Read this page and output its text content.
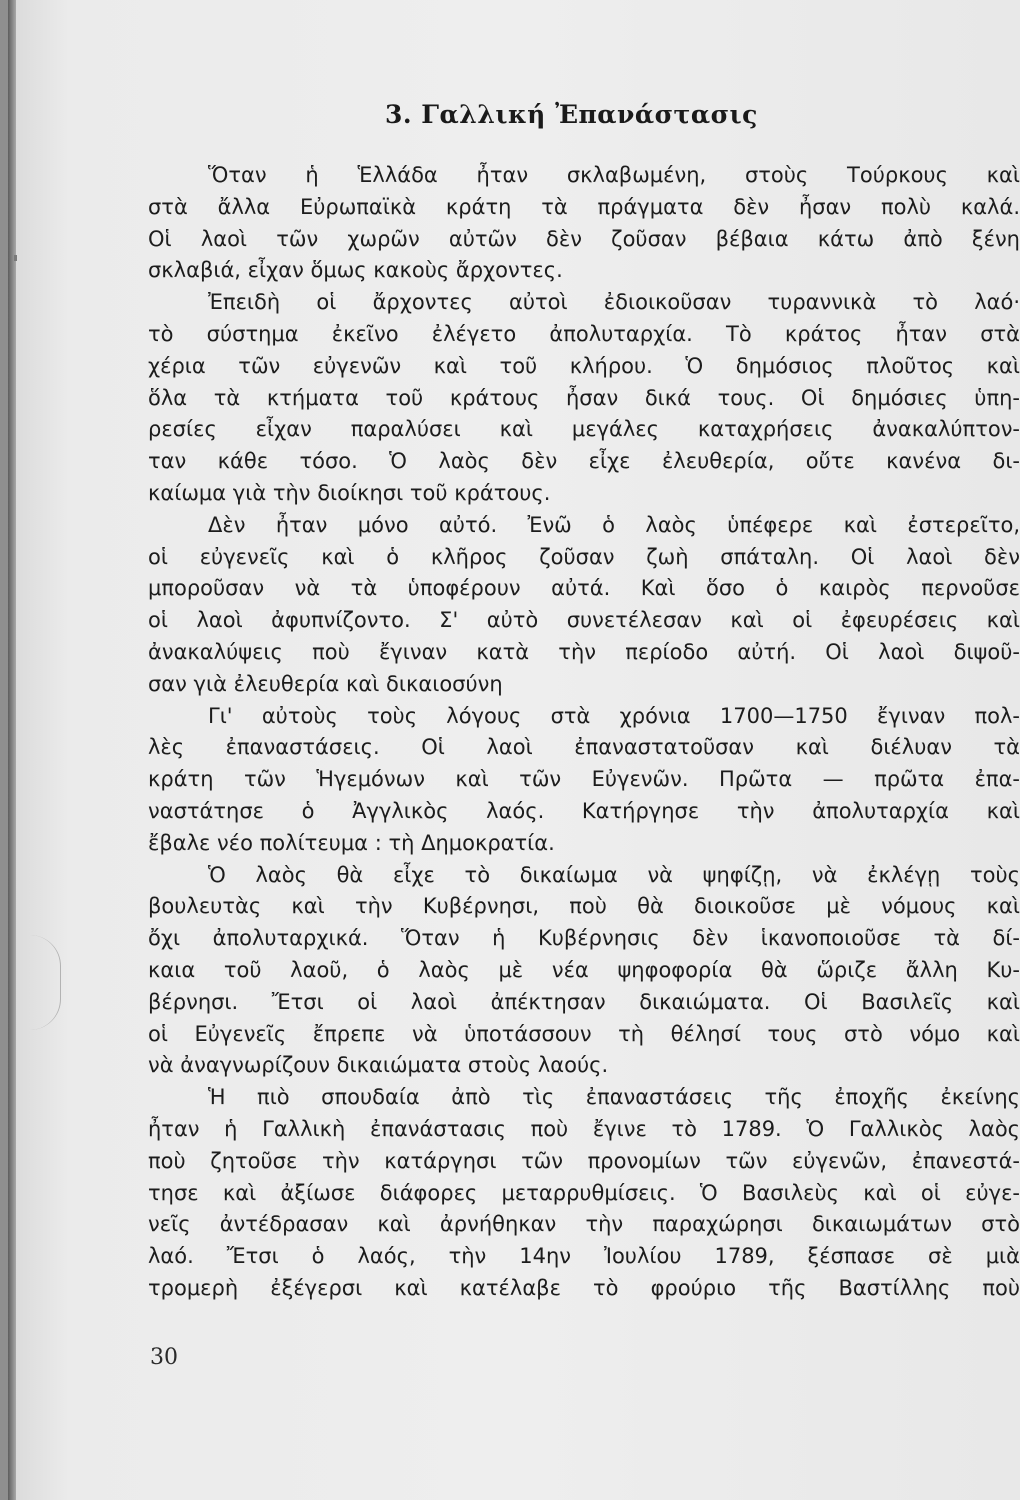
3. Γαλλική Ἐπανάστασις
Ὅταν ἡ Ἑλλάδα ἦταν σκλαβωμένη, στοὺς Τούρκους καὶ
στὰ ἄλλα Εὐρωπαϊκὰ κράτη τὰ πράγματα δὲν ἦσαν πολὺ καλά.
Οἱ λαοὶ τῶν χωρῶν αὐτῶν δὲν ζοῦσαν βέβαια κάτω ἀπὸ ξένη
σκλαβιά, εἶχαν ὅμως κακοὺς ἄρχοντες.
Ἐπειδὴ οἱ ἄρχοντες αὐτοὶ ἐδιοικοῦσαν τυραννικὰ τὸ λαό·
τὸ σύστημα ἐκεῖνο ἐλέγετο ἀπολυταρχία. Τὸ κράτος ἦταν στὰ
χέρια τῶν εὐγενῶν καὶ τοῦ κλήρου. Ὁ δημόσιος πλοῦτος καὶ
ὅλα τὰ κτήματα τοῦ κράτους ἦσαν δικά τους. Οἱ δημόσιες ὑπη-
ρεσίες εἶχαν παραλύσει καὶ μεγάλες καταχρήσεις ἀνακαλύπτον-
ταν κάθε τόσο. Ὁ λαὸς δὲν εἶχε ἐλευθερία, οὔτε κανένα δι-
καίωμα γιὰ τὴν διοίκησι τοῦ κράτους.
Δὲν ἦταν μόνο αὐτό. Ἐνῶ ὁ λαὸς ὑπέφερε καὶ ἐστερεῖτο,
οἱ εὐγενεῖς καὶ ὁ κλῆρος ζοῦσαν ζωὴ σπάταλη. Οἱ λαοὶ δὲν
μποροῦσαν νὰ τὰ ὑποφέρουν αὐτά. Καὶ ὅσο ὁ καιρὸς περνοῦσε
οἱ λαοὶ ἀφυπνίζοντο. Σ' αὐτὸ συνετέλεσαν καὶ οἱ ἐφευρέσεις καὶ
ἀνακαλύψεις ποὺ ἔγιναν κατὰ τὴν περίοδο αὐτή. Οἱ λαοὶ διψοῦ-
σαν γιὰ ἐλευθερία καὶ δικαιοσύνη
Γι' αὐτοὺς τοὺς λόγους στὰ χρόνια 1700—1750 ἔγιναν πολ-
λὲς ἐπαναστάσεις. Οἱ λαοὶ ἐπαναστατοῦσαν καὶ διέλυαν τὰ
κράτη τῶν Ἡγεμόνων καὶ τῶν Εὐγενῶν. Πρῶτα — πρῶτα ἐπα-
ναστάτησε ὁ Ἀγγλικὸς λαός. Κατήργησε τὴν ἀπολυταρχία καὶ
ἔβαλε νέο πολίτευμα : τὴ Δημοκρατία.
Ὁ λαὸς θὰ εἶχε τὸ δικαίωμα νὰ ψηφίζῃ, νὰ ἐκλέγῃ τοὺς
βουλευτὰς καὶ τὴν Κυβέρνησι, ποὺ θὰ διοικοῦσε μὲ νόμους καὶ
ὄχι ἀπολυταρχικά. Ὅταν ἡ Κυβέρνησις δὲν ἱκανοποιοῦσε τὰ δί-
καια τοῦ λαοῦ, ὁ λαὸς μὲ νέα ψηφοφορία θὰ ὥριζε ἄλλη Κυ-
βέρνησι. Ἔτσι οἱ λαοὶ ἀπέκτησαν δικαιώματα. Οἱ Βασιλεῖς καὶ
οἱ Εὐγενεῖς ἔπρεπε νὰ ὑποτάσσουν τὴ θέλησί τους στὸ νόμο καὶ
νὰ ἀναγνωρίζουν δικαιώματα στοὺς λαούς.
Ἡ πιὸ σπουδαία ἀπὸ τὶς ἐπαναστάσεις τῆς ἐποχῆς ἐκείνης
ἦταν ἡ Γαλλικὴ ἐπανάστασις ποὺ ἔγινε τὸ 1789. Ὁ Γαλλικὸς λαὸς
ποὺ ζητοῦσε τὴν κατάργησι τῶν προνομίων τῶν εὐγενῶν, ἐπανεστά-
τησε καὶ ἀξίωσε διάφορες μεταρρυθμίσεις. Ὁ Βασιλεὺς καὶ οἱ εὐγε-
νεῖς ἀντέδρασαν καὶ ἀρνήθηκαν τὴν παραχώρησι δικαιωμάτων στὸ
λαό. Ἔτσι ὁ λαός, τὴν 14ην Ἰουλίου 1789, ξέσπασε σὲ μιὰ
τρομερὴ ἐξέγερσι καὶ κατέλαβε τὸ φρούριο τῆς Βαστίλλης ποὺ
30
